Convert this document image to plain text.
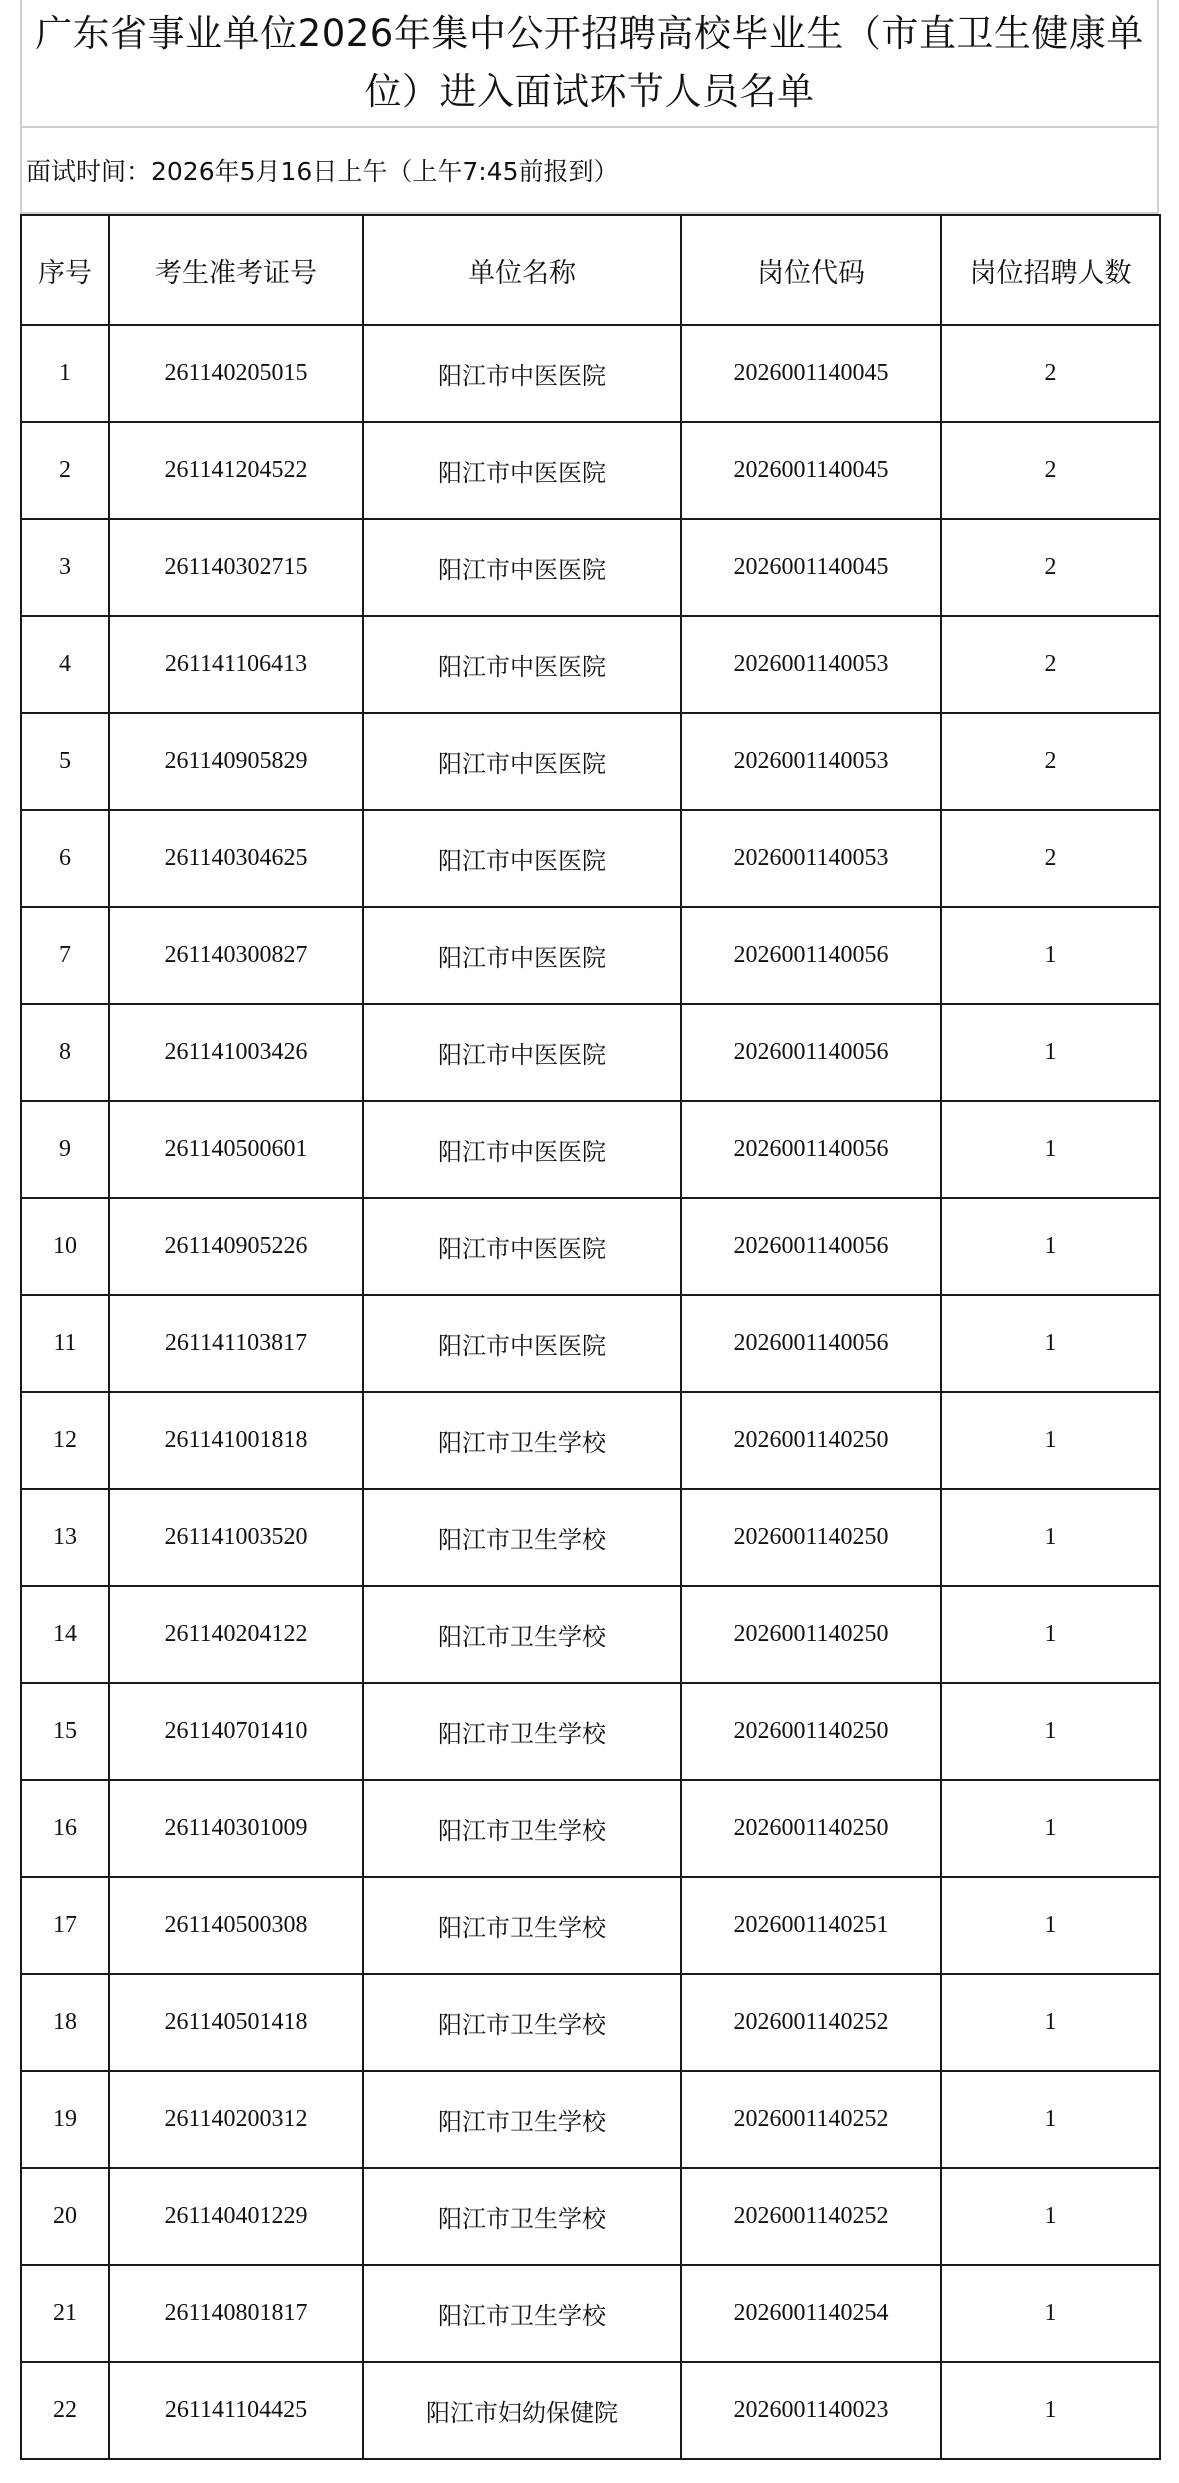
广东省事业单位2026年集中公开招聘高校毕业生（市直卫生健康单位）进入面试环节人员名单
面试时间：2026年5月16日上午（上午7:45前报到）
序号	考生准考证号	单位名称	岗位代码	岗位招聘人数
1	261140205015	阳江市中医医院	2026001140045	2
2	261141204522	阳江市中医医院	2026001140045	2
3	261140302715	阳江市中医医院	2026001140045	2
4	261141106413	阳江市中医医院	2026001140053	2
5	261140905829	阳江市中医医院	2026001140053	2
6	261140304625	阳江市中医医院	2026001140053	2
7	261140300827	阳江市中医医院	2026001140056	1
8	261141003426	阳江市中医医院	2026001140056	1
9	261140500601	阳江市中医医院	2026001140056	1
10	261140905226	阳江市中医医院	2026001140056	1
11	261141103817	阳江市中医医院	2026001140056	1
12	261141001818	阳江市卫生学校	2026001140250	1
13	261141003520	阳江市卫生学校	2026001140250	1
14	261140204122	阳江市卫生学校	2026001140250	1
15	261140701410	阳江市卫生学校	2026001140250	1
16	261140301009	阳江市卫生学校	2026001140250	1
17	261140500308	阳江市卫生学校	2026001140251	1
18	261140501418	阳江市卫生学校	2026001140252	1
19	261140200312	阳江市卫生学校	2026001140252	1
20	261140401229	阳江市卫生学校	2026001140252	1
21	261140801817	阳江市卫生学校	2026001140254	1
22	261141104425	阳江市妇幼保健院	2026001140023	1
